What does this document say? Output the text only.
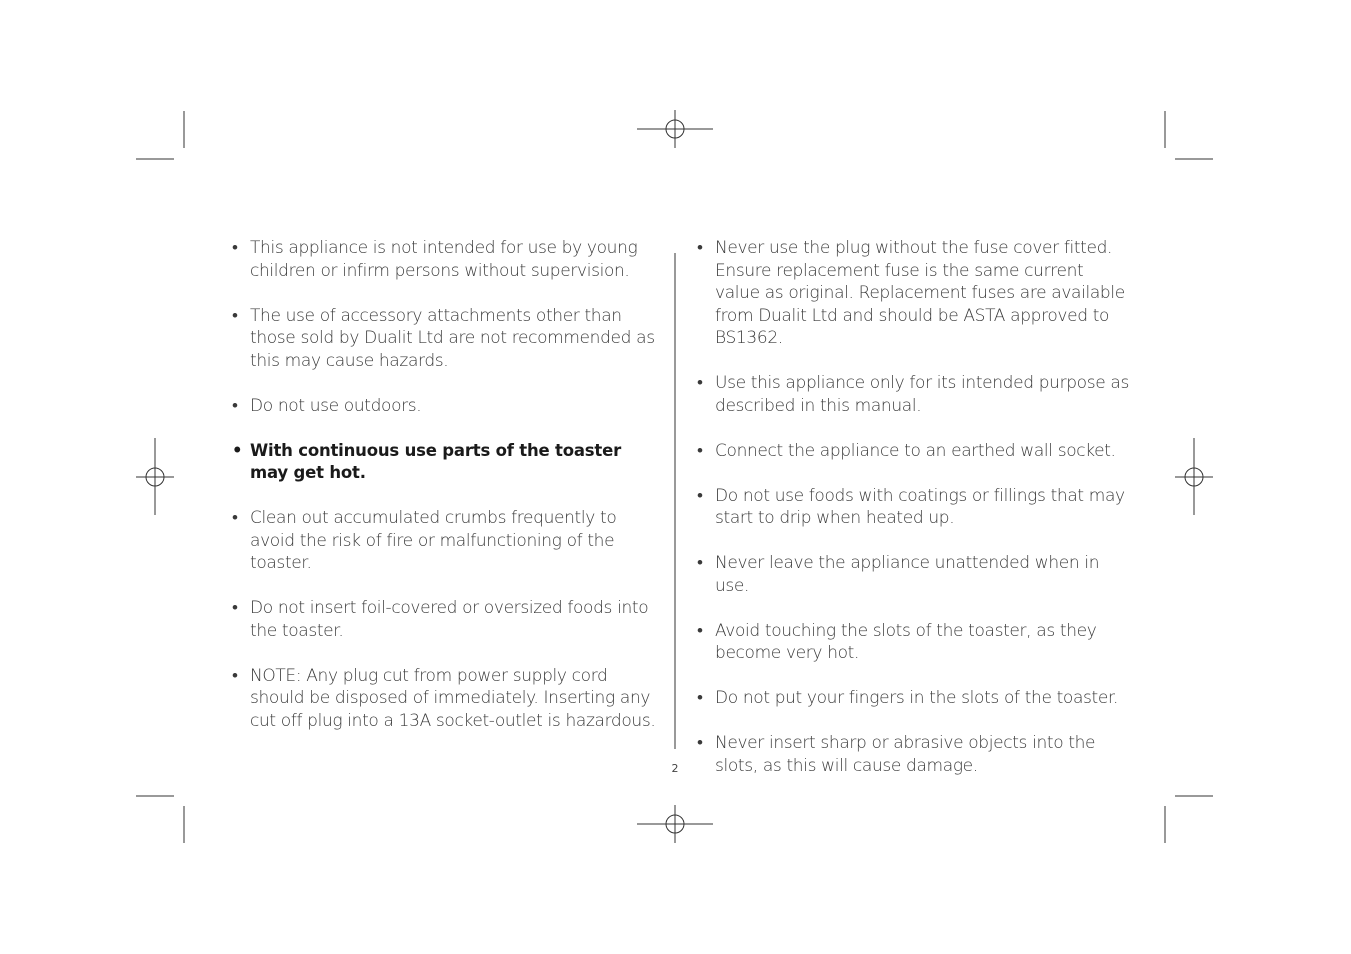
• This appliance is not intended for use by young children or infirm persons without supervision.
• The use of accessory attachments other than those sold by Dualit Ltd are not recommended as this may cause hazards.
• Do not use outdoors.
• With continuous use parts of the toaster may get hot.
• Clean out accumulated crumbs frequently to avoid the risk of fire or malfunctioning of the toaster.
• Do not insert foil-covered or oversized foods into the toaster.
• NOTE: Any plug cut from power supply cord should be disposed of immediately. Inserting any cut off plug into a 13A socket-outlet is hazardous.
• Never use the plug without the fuse cover fitted. Ensure replacement fuse is the same current value as original. Replacement fuses are available from Dualit Ltd and should be ASTA approved to BS1362.
• Use this appliance only for its intended purpose as described in this manual.
• Connect the appliance to an earthed wall socket.
• Do not use foods with coatings or fillings that may start to drip when heated up.
• Never leave the appliance unattended when in use.
• Avoid touching the slots of the toaster, as they become very hot.
• Do not put your fingers in the slots of the toaster.
• Never insert sharp or abrasive objects into the slots, as this will cause damage.
2
